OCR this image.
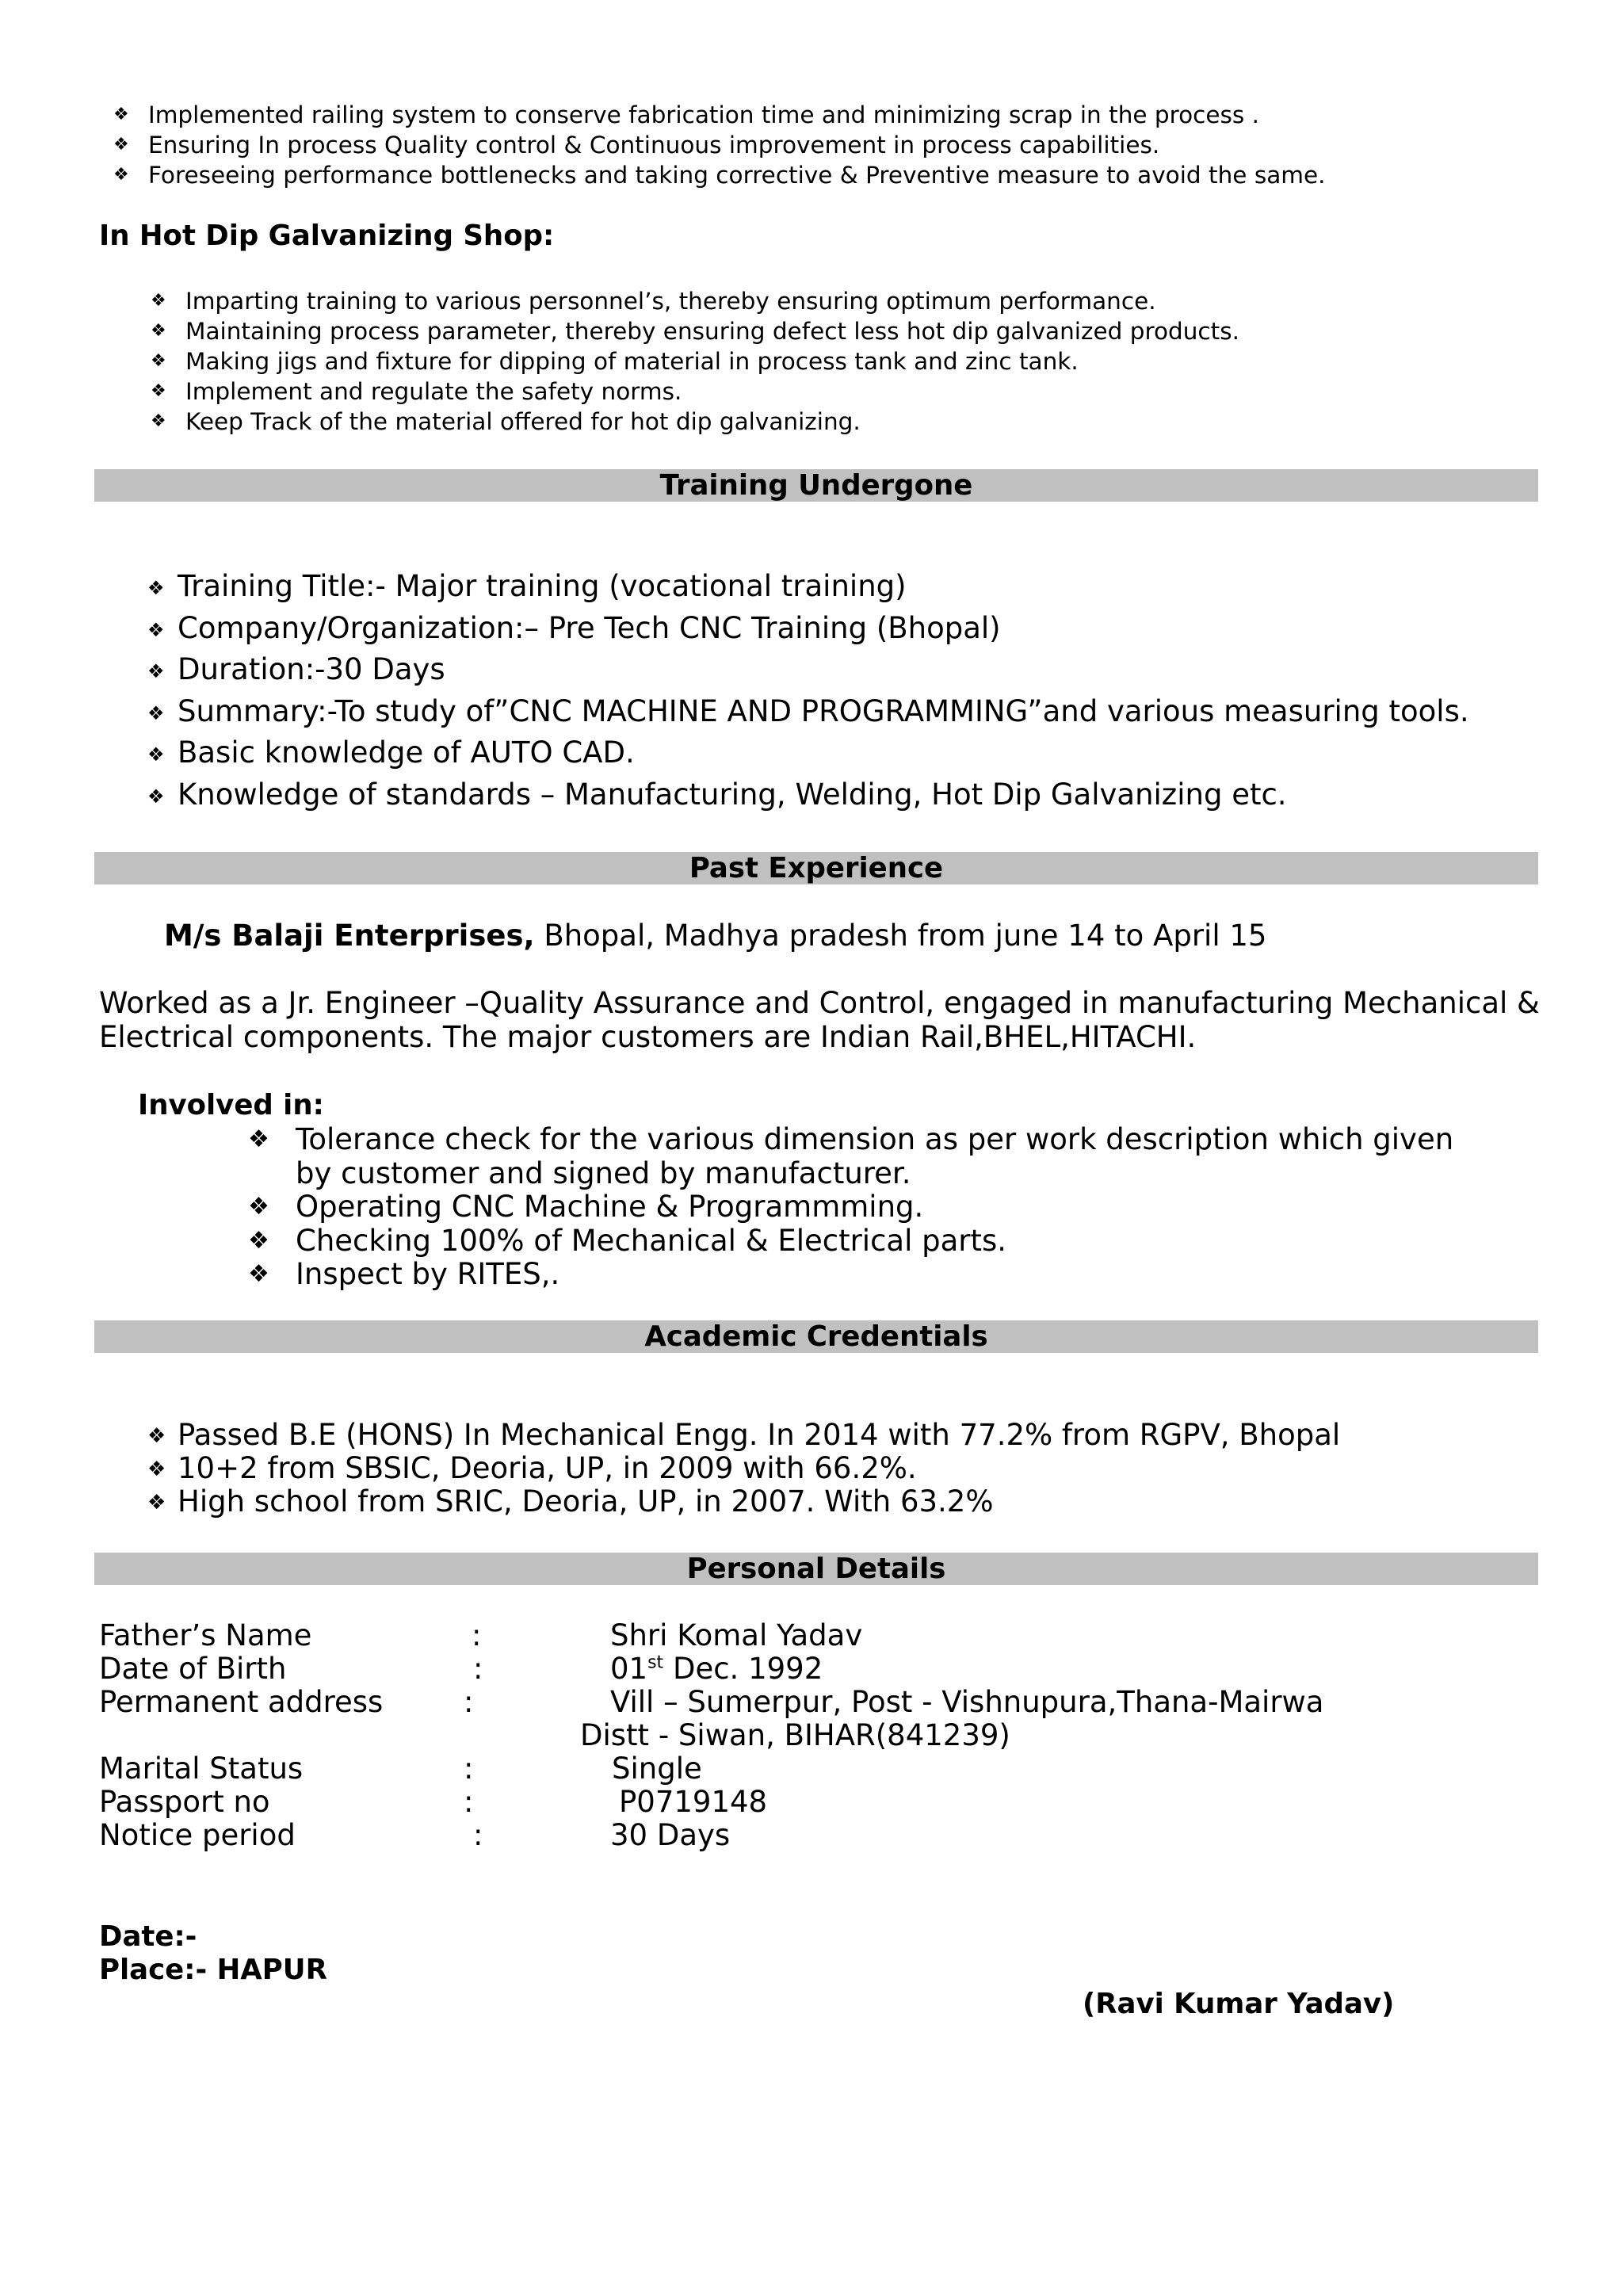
❖ Implemented railing system to conserve fabrication time and minimizing scrap in the process .
❖ Ensuring In process Quality control & Continuous improvement in process capabilities.
❖ Foreseeing performance bottlenecks and taking corrective & Preventive measure to avoid the same.
In Hot Dip Galvanizing Shop:
❖ Imparting training to various personnel’s, thereby ensuring optimum performance.
❖ Maintaining process parameter, thereby ensuring defect less hot dip galvanized products.
❖ Making jigs and fixture for dipping of material in process tank and zinc tank.
❖ Implement and regulate the safety norms.
❖ Keep Track of the material offered for hot dip galvanizing.
Training Undergone
❖ Training Title:- Major training (vocational training)
❖ Company/Organization:– Pre Tech CNC Training (Bhopal)
❖ Duration:-30 Days
❖ Summary:-To study of”CNC MACHINE AND PROGRAMMING”and various measuring tools.
❖ Basic knowledge of AUTO CAD.
❖ Knowledge of standards – Manufacturing, Welding, Hot Dip Galvanizing etc.
Past Experience
M/s Balaji Enterprises, Bhopal, Madhya pradesh from june 14 to April 15
Worked as a Jr. Engineer –Quality Assurance and Control, engaged in manufacturing Mechanical &
Electrical components. The major customers are Indian Rail,BHEL,HITACHI.
Involved in:
❖ Tolerance check for the various dimension as per work description which given by customer and signed by manufacturer.
❖ Operating CNC Machine & Programmming.
❖ Checking 100% of Mechanical & Electrical parts.
❖ Inspect by RITES,.
Academic Credentials
❖ Passed B.E (HONS) In Mechanical Engg. In 2014 with 77.2% from RGPV, Bhopal
❖ 10+2 from SBSIC, Deoria, UP, in 2009 with 66.2%.
❖ High school from SRIC, Deoria, UP, in 2007. With 63.2%
Personal Details
Father’s Name	:	Shri Komal Yadav
Date of Birth	:	01st Dec. 1992
Permanent address	:	Vill – Sumerpur, Post - Vishnupura,Thana-Mairwa
Distt - Siwan, BIHAR(841239)
Marital Status	:	Single
Passport no	:	P0719148
Notice period	:	30 Days
Date:-
Place:- HAPUR
(Ravi Kumar Yadav)
